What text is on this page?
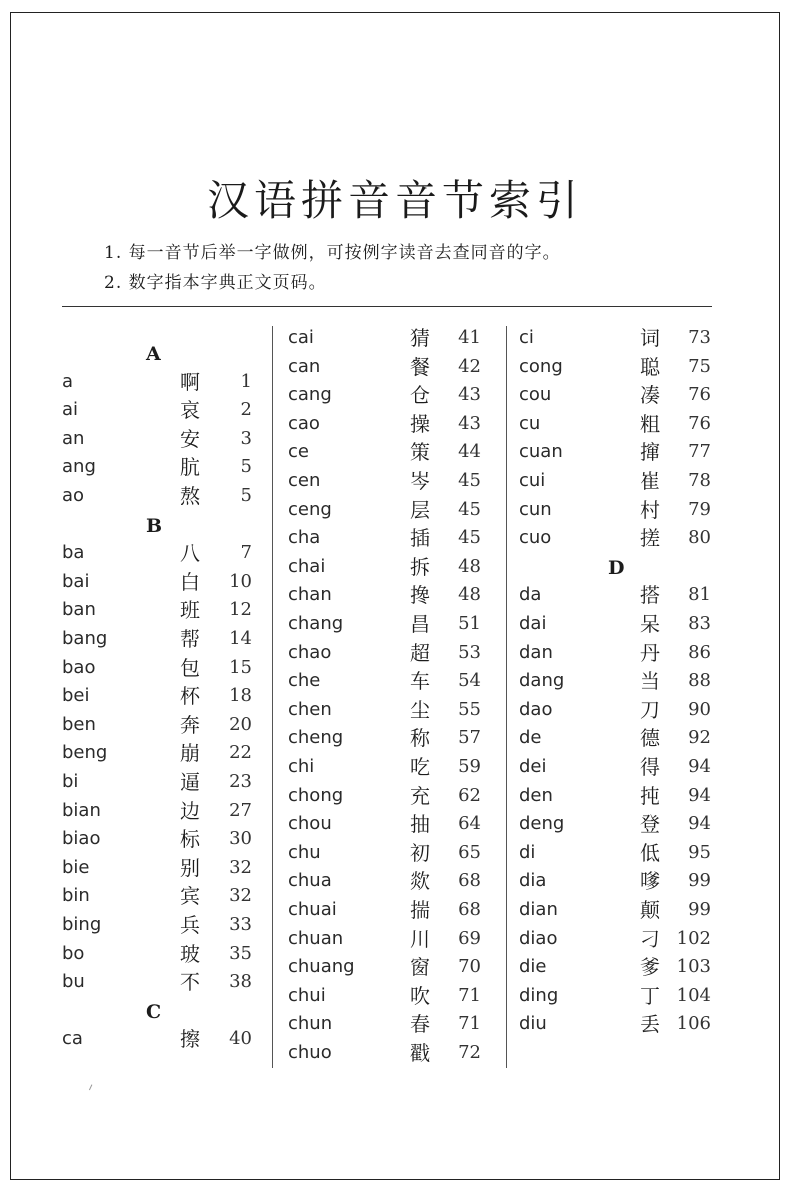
汉语拼音音节索引
1. 每一音节后举一字做例，可按例字读音去查同音的字。
2. 数字指本字典正文页码。
A
a	啊	1
ai	哀	2
an	安	3
ang	肮	5
ao	熬	5
B
ba	八	7
bai	白	10
ban	班	12
bang	帮	14
bao	包	15
bei	杯	18
ben	奔	20
beng	崩	22
bi	逼	23
bian	边	27
biao	标	30
bie	别	32
bin	宾	32
bing	兵	33
bo	玻	35
bu	不	38
C
ca	擦	40
cai	猜	41
can	餐	42
cang	仓	43
cao	操	43
ce	策	44
cen	岑	45
ceng	层	45
cha	插	45
chai	拆	48
chan	搀	48
chang	昌	51
chao	超	53
che	车	54
chen	尘	55
cheng	称	57
chi	吃	59
chong	充	62
chou	抽	64
chu	初	65
chua	欻	68
chuai	揣	68
chuan	川	69
chuang	窗	70
chui	吹	71
chun	春	71
chuo	戳	72
ci	词	73
cong	聪	75
cou	凑	76
cu	粗	76
cuan	撺	77
cui	崔	78
cun	村	79
cuo	搓	80
D
da	搭	81
dai	呆	83
dan	丹	86
dang	当	88
dao	刀	90
de	德	92
dei	得	94
den	扽	94
deng	登	94
di	低	95
dia	嗲	99
dian	颠	99
diao	刁 102
die	爹 103
ding	丁 104
diu	丢 106
